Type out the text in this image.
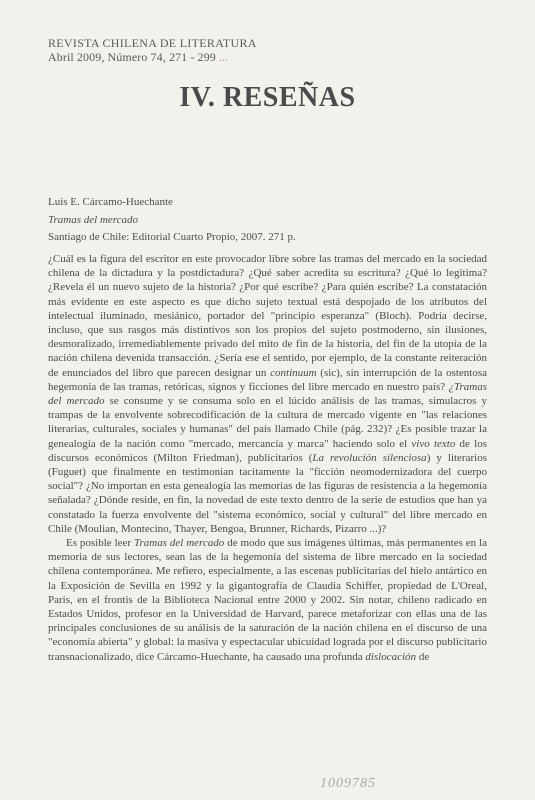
REVISTA CHILENA DE LITERATURA
Abril 2009, Número 74, 271 - 299 ...
IV. RESEÑAS
Luis E. Cárcamo-Huechante
Tramas del mercado
Santiago de Chile: Editorial Cuarto Propio, 2007. 271 p.

¿Cuál es la figura del escritor en este provocador libre sobre las tramas del mercado en la sociedad chilena de la dictadura y la postdictadura? ¿Qué saber acredita su escritura? ¿Qué lo legitima? ¿Revela él un nuevo sujeto de la historia? ¿Por qué escribe? ¿Para quién escribe? La constatación más evidente en este aspecto es que dicho sujeto textual está despojado de los atributos del intelectual iluminado, mesiánico, portador del "principio esperanza" (Bloch). Podría decirse, incluso, que sus rasgos más distintivos son los propios del sujeto postmoderno, sin ilusiones, desmoralizado, irremediablemente privado del mito de fin de la historia, del fin de la utopía de la nación chilena devenida transacción. ¿Sería ese el sentido, por ejemplo, de la constante reiteración de enunciados del libro que parecen designar un continuum (sic), sin interrupción de la ostentosa hegemonía de las tramas, retóricas, signos y ficciones del libre mercado en nuestro país? ¿Tramas del mercado se consume y se consuma solo en el lúcido análisis de las tramas, simulacros y trampas de la envolvente sobrecodificación de la cultura de mercado vigente en "las relaciones literarias, culturales, sociales y humanas" del país llamado Chile (pág. 232)? ¿Es posible trazar la genealogía de la nación como "mercado, mercancía y marca" haciendo solo el vivo texto de los discursos económicos (Milton Friedman), publicitarios (La revolución silenciosa) y literarios (Fuguet) que finalmente en testimonian tacitamente la "ficción neomodernizadora del cuerpo social"? ¿No importan en esta genealogía las memorias de las figuras de resistencia a la hegemonía señalada? ¿Dónde reside, en fin, la novedad de este texto dentro de la serie de estudios que han ya constatado la fuerza envolvente del "sistema económico, social y cultural" del libre mercado en Chile (Moulian, Montecino, Thayer, Bengoa, Brunner, Richards, Pizarro ...)?

Es posible leer Tramas del mercado de modo que sus imágenes últimas, más permanentes en la memoria de sus lectores, sean las de la hegemonía del sistema de libre mercado en la sociedad chilena contemporánea. Me refiero, especialmente, a las escenas publicitarias del hielo antártico en la Exposición de Sevilla en 1992 y la gigantografía de Claudia Schiffer, propiedad de L'Oreal, Paris, en el frontis de la Biblioteca Nacional entre 2000 y 2002. Sin notar, chileno radicado en Estados Unidos, profesor en la Universidad de Harvard, parece metaforizar con ellas una de las principales conclusiones de su análisis de la saturación de la nación chilena en el discurso de una "economía abierta" y global: la masiva y espectacular ubicuidad lograda por el discurso publicitario transnacionalizado, dice Cárcamo-Huechante, ha causado una profunda dislocación de

1009785
